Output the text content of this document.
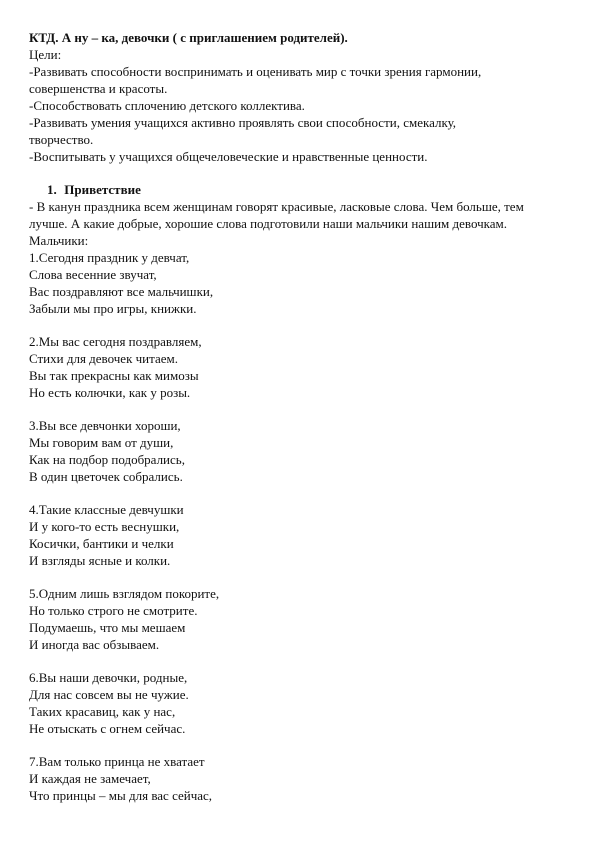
КТД. А ну – ка, девочки ( с приглашением родителей).

Цели:

-Развивать способности воспринимать и оценивать мир с точки зрения гармонии,

совершенства и красоты.

-Способствовать сплочению детского коллектива.

-Развивать умения учащихся активно проявлять свои способности, смекалку,

творчество.

-Воспитывать у учащихся общечеловеческие и нравственные ценности.

1. Приветствие

- В канун праздника всем женщинам говорят красивые, ласковые слова. Чем больше, тем

лучше. А какие добрые, хорошие слова подготовили наши мальчики нашим девочкам.

Мальчики:

1.Сегодня праздник у девчат,

Слова весенние звучат,

Вас поздравляют все мальчишки,

Забыли мы про игры, книжки.

2.Мы вас сегодня поздравляем,

Стихи для девочек читаем.

Вы так прекрасны как мимозы

Но есть колючки, как у розы.

3.Вы все девчонки хороши,

Мы говорим вам от души,

Как на подбор подобрались,

В один цветочек собрались.

4.Такие классные девчушки

И у кого-то есть веснушки,

Косички, бантики и челки

И взгляды ясные и колки.

5.Одним лишь взглядом покорите,

Но только строго не смотрите.

Подумаешь, что мы мешаем

И иногда вас обзываем.

6.Вы наши девочки, родные,

Для нас совсем вы не чужие.

Таких красавиц, как у нас,

Не отыскать с огнем сейчас.

7.Вам только принца не хватает

И каждая не замечает,

Что принцы – мы для вас сейчас,
